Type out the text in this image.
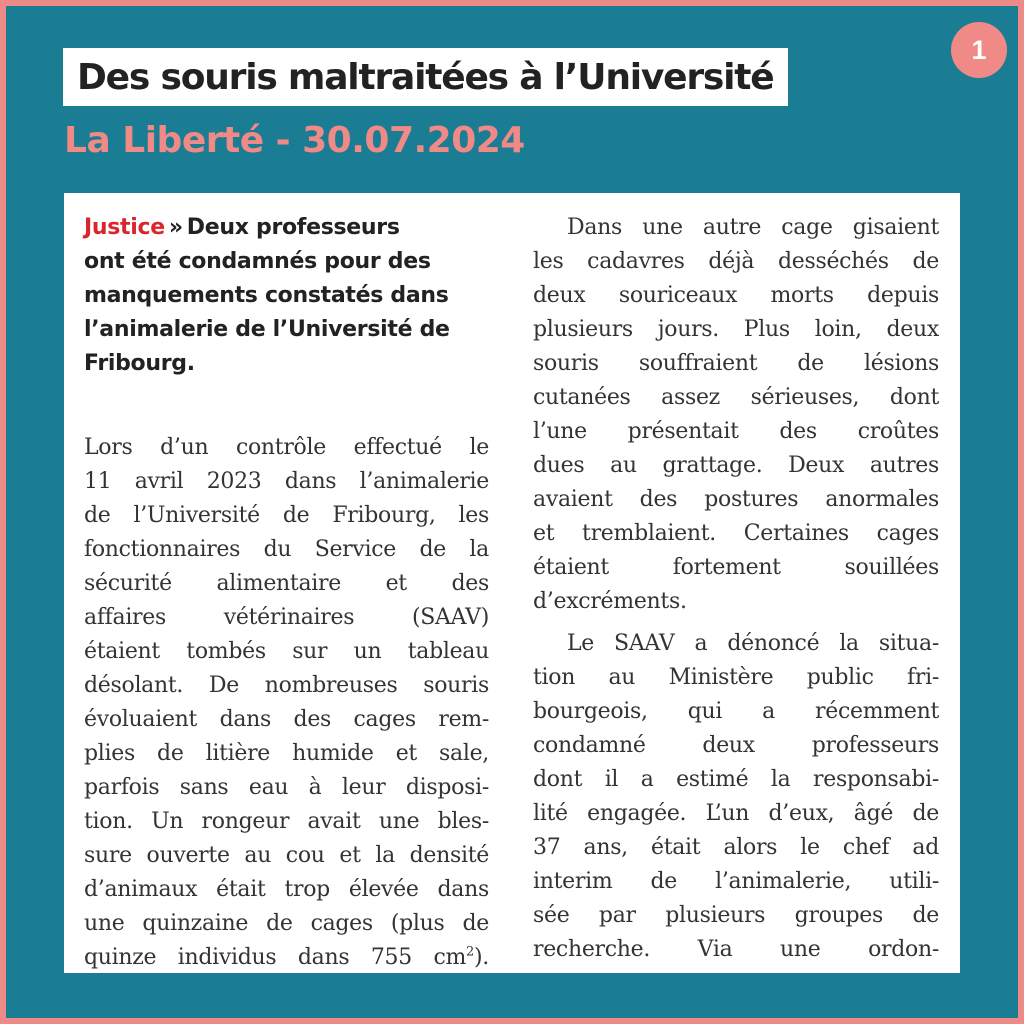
1
Des souris maltraitées à l’Université
La Liberté - 30.07.2024
Justice » Deux professeurs
ont été condamnés pour des
manquements constatés dans
l’animalerie de l’Université de
Fribourg.
Lors d’un contrôle effectué le
11 avril 2023 dans l’animalerie
de l’Université de Fribourg, les
fonctionnaires du Service de la
sécurité alimentaire et des
affaires vétérinaires (SAAV)
étaient tombés sur un tableau
désolant. De nombreuses souris
évoluaient dans des cages rem-
plies de litière humide et sale,
parfois sans eau à leur disposi-
tion. Un rongeur avait une bles-
sure ouverte au cou et la densité
d’animaux était trop élevée dans
une quinzaine de cages (plus de
quinze individus dans 755 $cm^2$).
Dans une autre cage gisaient
les cadavres déjà desséchés de
deux souriceaux morts depuis
plusieurs jours. Plus loin, deux
souris souffraient de lésions
cutanées assez sérieuses, dont
l’une présentait des croûtes
dues au grattage. Deux autres
avaient des postures anormales
et tremblaient. Certaines cages
étaient fortement souillées
d’excréments.
Le SAAV a dénoncé la situa-
tion au Ministère public fri-
bourgeois, qui a récemment
condamné deux professeurs
dont il a estimé la responsabi-
lité engagée. L’un d’eux, âgé de
37 ans, était alors le chef ad
interim de l’animalerie, utili-
sée par plusieurs groupes de
recherche. Via une ordon-
